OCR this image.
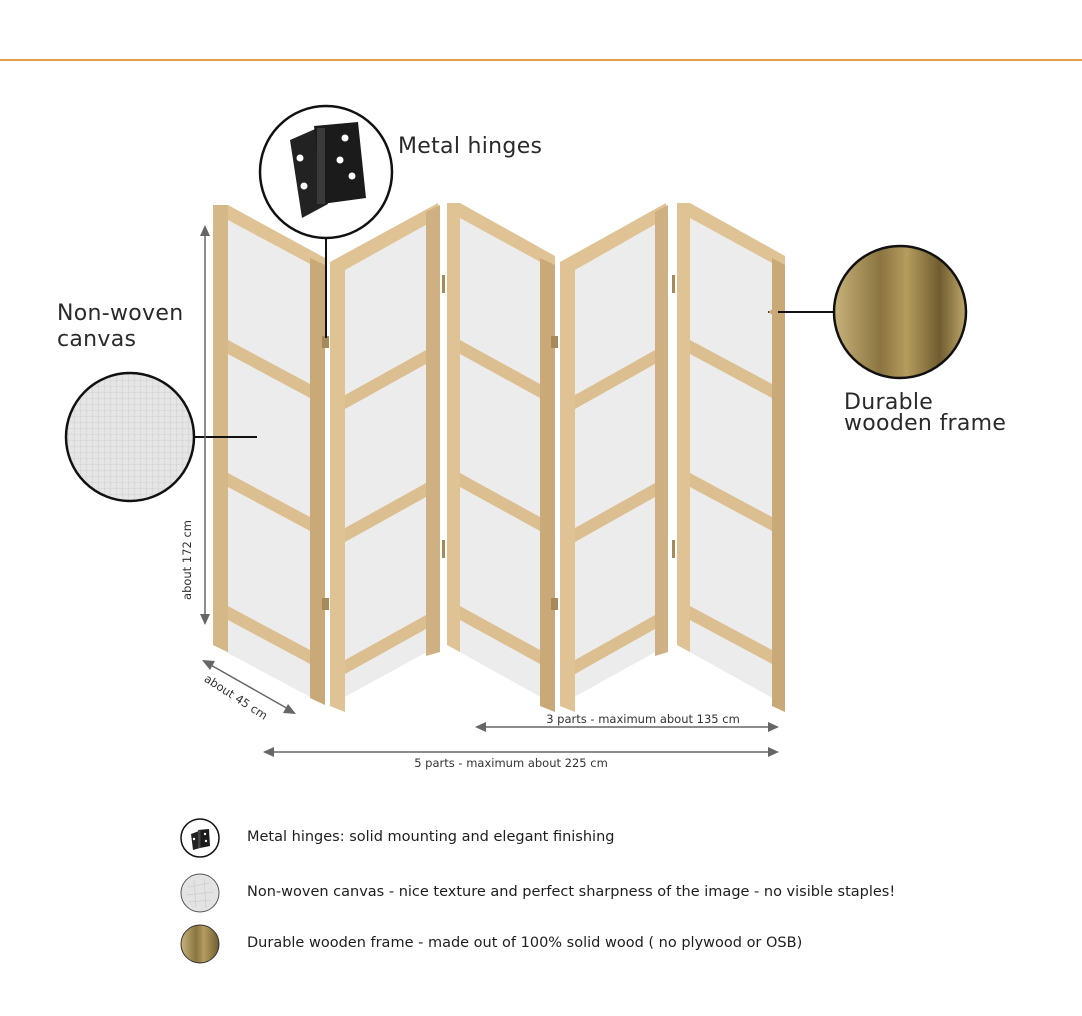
Metal hinges
Non-woven
canvas
Durable
wooden frame
about 172 cm
about 45 cm	3 parts - maximum about 135 cm
5 parts - maximum about 225 cm
Metal hinges: solid mounting and elegant finishing
Non-woven canvas - nice texture and perfect sharpness of the image - no visible staples!
Durable wooden frame - made out of 100% solid wood ( no plywood or OSB)
